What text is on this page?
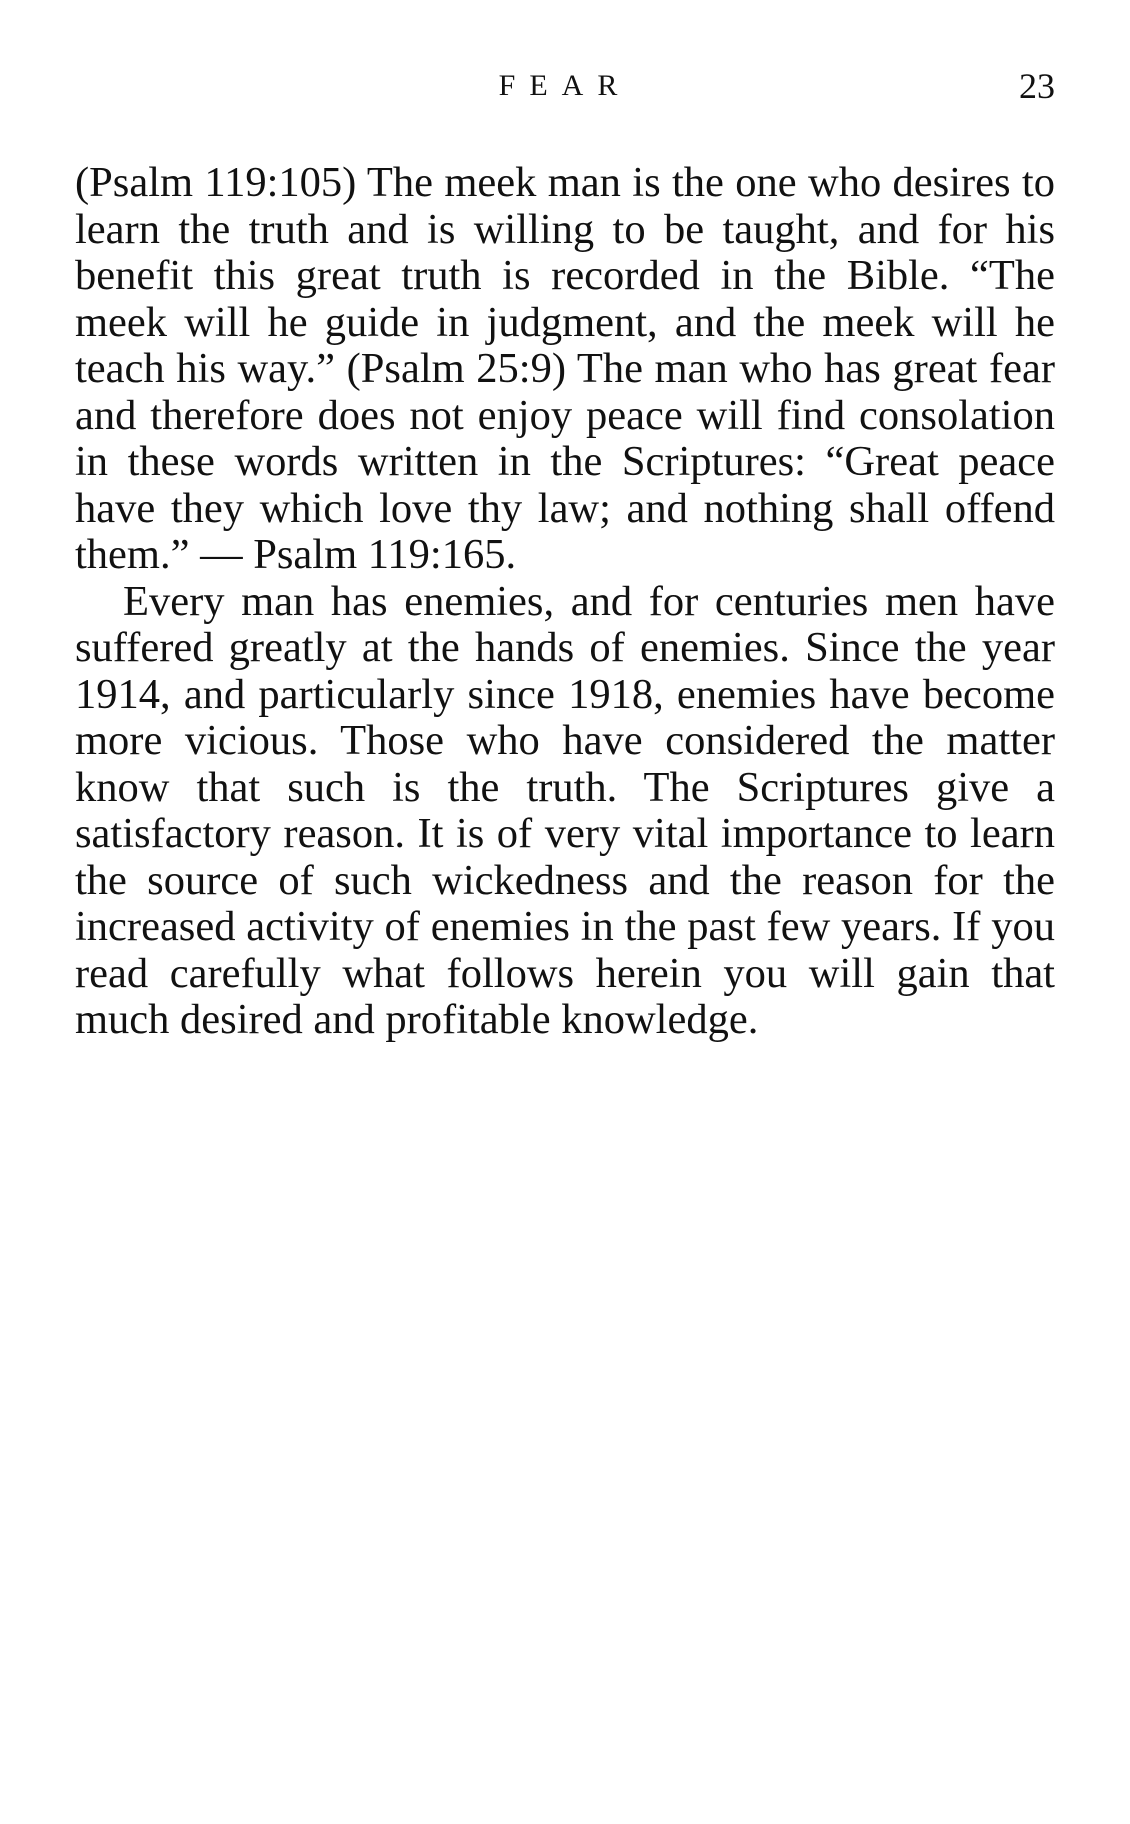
FEAR	23

(Psalm 119:105) The meek man is the one who desires to learn the truth and is willing to be taught, and for his benefit this great truth is recorded in the Bible. “The meek will he guide in judgment, and the meek will he teach his way.” (Psalm 25:9) The man who has great fear and therefore does not enjoy peace will find consolation in these words written in the Scriptures: “Great peace have they which love thy law; and nothing shall offend them.” — Psalm 119:165.

Every man has enemies, and for centuries men have suffered greatly at the hands of enemies. Since the year 1914, and particularly since 1918, enemies have become more vicious. Those who have considered the matter know that such is the truth. The Scriptures give a satisfactory reason. It is of very vital importance to learn the source of such wickedness and the reason for the increased activity of enemies in the past few years. If you read carefully what follows herein you will gain that much desired and profitable knowledge.
